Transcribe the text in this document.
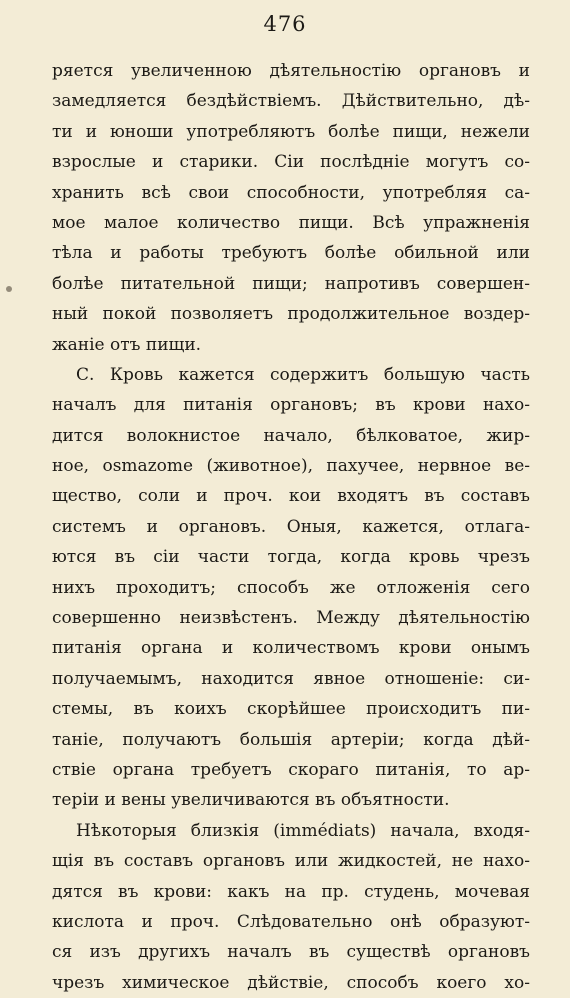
476
ряется увеличенною дѣятельностію органовъ и
замедляется бездѣйствіемъ. Дѣйствительно, дѣ-
ти и юноши употребляютъ болѣе пищи, нежели
взрослые и старики. Сіи послѣдніе могутъ со-
хранить всѣ свои способности, употребляя са-
мое малое количество пищи. Всѣ упражненія
тѣла и работы требуютъ болѣе обильной или
болѣе питательной пищи; напротивъ совершен-
ный покой позволяетъ продолжительное воздер-
жаніе отъ пищи.
С. Кровь кажется содержитъ большую часть
началъ для питанія органовъ; въ крови нахо-
дится волокнистое начало, бѣлковатое, жир-
ное, osmazome (животное), пахучее, нервное ве-
щество, соли и проч. кои входятъ въ составъ
системъ и органовъ. Оныя, кажется, отлага-
ются въ сіи части тогда, когда кровь чрезъ
нихъ проходитъ; способъ же отложенія сего
совершенно неизвѣстенъ. Между дѣятельностію
питанія органа и количествомъ крови онымъ
получаемымъ, находится явное отношеніе: си-
стемы, въ коихъ скорѣйшее происходитъ пи-
таніе, получаютъ большія артеріи; когда дѣй-
ствіе органа требуетъ скораго питанія, то ар-
теріи и вены увеличиваются въ объятности.
Нѣкоторыя близкія (immédiats) начала, входя-
щія въ составъ органовъ или жидкостей, не нахо-
дятся въ крови: какъ на пр. студень, мочевая
кислота и проч. Слѣдовательно онѣ образуют-
ся изъ другихъ началъ въ существѣ органовъ
чрезъ химическое дѣйствіе, способъ коего хо-
